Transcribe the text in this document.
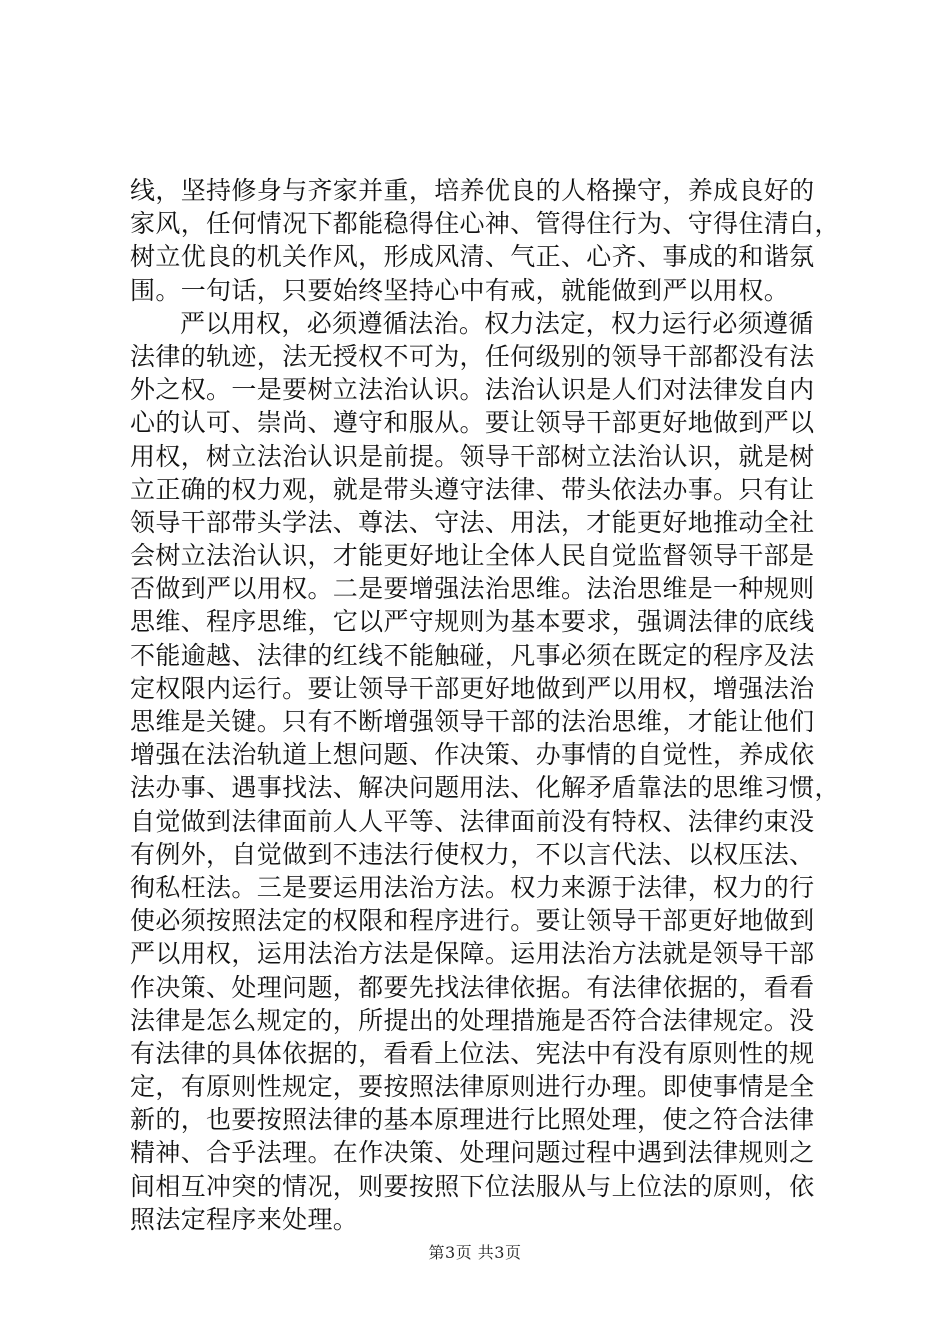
线，坚持修身与齐家并重，培养优良的人格操守，养成良好的
家风，任何情况下都能稳得住心神、管得住行为、守得住清白，
树立优良的机关作风，形成风清、气正、心齐、事成的和谐氛
围。一句话，只要始终坚持心中有戒，就能做到严以用权。
严以用权，必须遵循法治。权力法定，权力运行必须遵循
法律的轨迹，法无授权不可为，任何级别的领导干部都没有法
外之权。一是要树立法治认识。法治认识是人们对法律发自内
心的认可、崇尚、遵守和服从。要让领导干部更好地做到严以
用权，树立法治认识是前提。领导干部树立法治认识，就是树
立正确的权力观，就是带头遵守法律、带头依法办事。只有让
领导干部带头学法、尊法、守法、用法，才能更好地推动全社
会树立法治认识，才能更好地让全体人民自觉监督领导干部是
否做到严以用权。二是要增强法治思维。法治思维是一种规则
思维、程序思维，它以严守规则为基本要求，强调法律的底线
不能逾越、法律的红线不能触碰，凡事必须在既定的程序及法
定权限内运行。要让领导干部更好地做到严以用权，增强法治
思维是关键。只有不断增强领导干部的法治思维，才能让他们
增强在法治轨道上想问题、作决策、办事情的自觉性，养成依
法办事、遇事找法、解决问题用法、化解矛盾靠法的思维习惯，
自觉做到法律面前人人平等、法律面前没有特权、法律约束没
有例外，自觉做到不违法行使权力，不以言代法、以权压法、
徇私枉法。三是要运用法治方法。权力来源于法律，权力的行
使必须按照法定的权限和程序进行。要让领导干部更好地做到
严以用权，运用法治方法是保障。运用法治方法就是领导干部
作决策、处理问题，都要先找法律依据。有法律依据的，看看
法律是怎么规定的，所提出的处理措施是否符合法律规定。没
有法律的具体依据的，看看上位法、宪法中有没有原则性的规
定，有原则性规定，要按照法律原则进行办理。即使事情是全
新的，也要按照法律的基本原理进行比照处理，使之符合法律
精神、合乎法理。在作决策、处理问题过程中遇到法律规则之
间相互冲突的情况，则要按照下位法服从与上位法的原则，依
照法定程序来处理。
第3页 共3页
